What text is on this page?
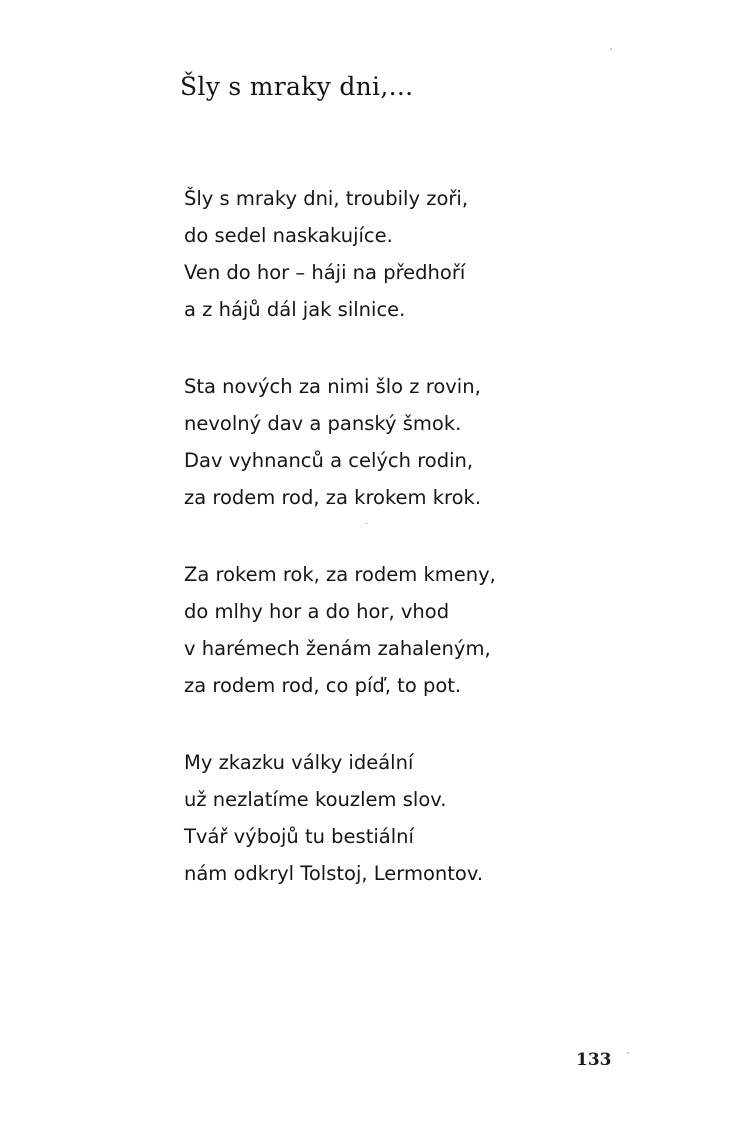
Šly s mraky dni,...
Šly s mraky dni, troubily zoři,
do sedel naskakujíce.
Ven do hor – háji na předhoří
a z hájů dál jak silnice.
Sta nových za nimi šlo z rovin,
nevolný dav a panský šmok.
Dav vyhnanců a celých rodin,
za rodem rod, za krokem krok.
Za rokem rok, za rodem kmeny,
do mlhy hor a do hor, vhod
v harémech ženám zahaleným,
za rodem rod, co píď, to pot.
My zkazku války ideální
už nezlatíme kouzlem slov.
Tvář výbojů tu bestiální
nám odkryl Tolstoj, Lermontov.
133
